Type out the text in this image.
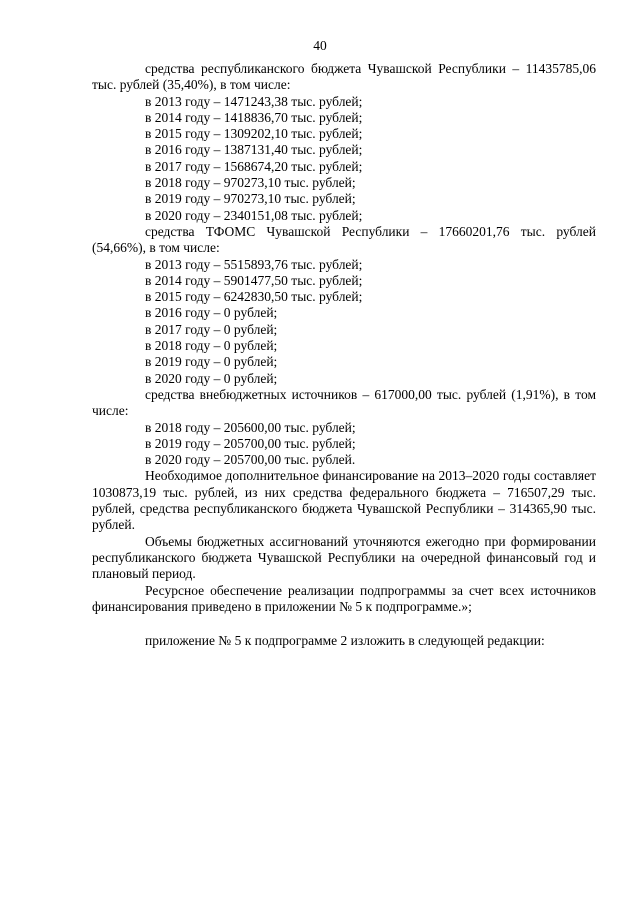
40

средства республиканского бюджета Чувашской Республики – 11435785,06 тыс. рублей (35,40%), в том числе:

в 2013 году – 1471243,38 тыс. рублей;
в 2014 году – 1418836,70 тыс. рублей;
в 2015 году – 1309202,10 тыс. рублей;
в 2016 году – 1387131,40 тыс. рублей;
в 2017 году – 1568674,20 тыс. рублей;
в 2018 году – 970273,10 тыс. рублей;
в 2019 году – 970273,10 тыс. рублей;
в 2020 году – 2340151,08 тыс. рублей;

средства ТФОМС Чувашской Республики – 17660201,76 тыс. рублей (54,66%), в том числе:

в 2013 году – 5515893,76 тыс. рублей;
в 2014 году – 5901477,50 тыс. рублей;
в 2015 году – 6242830,50 тыс. рублей;
в 2016 году – 0 рублей;
в 2017 году – 0 рублей;
в 2018 году – 0 рублей;
в 2019 году – 0 рублей;
в 2020 году – 0 рублей;

средства внебюджетных источников – 617000,00 тыс. рублей (1,91%), в том числе:

в 2018 году – 205600,00 тыс. рублей;
в 2019 году – 205700,00 тыс. рублей;
в 2020 году – 205700,00 тыс. рублей.

Необходимое дополнительное финансирование на 2013–2020 годы составляет 1030873,19 тыс. рублей, из них средства федерального бюджета – 716507,29 тыс. рублей, средства республиканского бюджета Чувашской Республики – 314365,90 тыс. рублей.

Объемы бюджетных ассигнований уточняются ежегодно при формировании республиканского бюджета Чувашской Республики на очередной финансовый год и плановый период.

Ресурсное обеспечение реализации подпрограммы за счет всех источников финансирования приведено в приложении № 5 к подпрограмме.»;

приложение № 5 к подпрограмме 2 изложить в следующей редакции:
